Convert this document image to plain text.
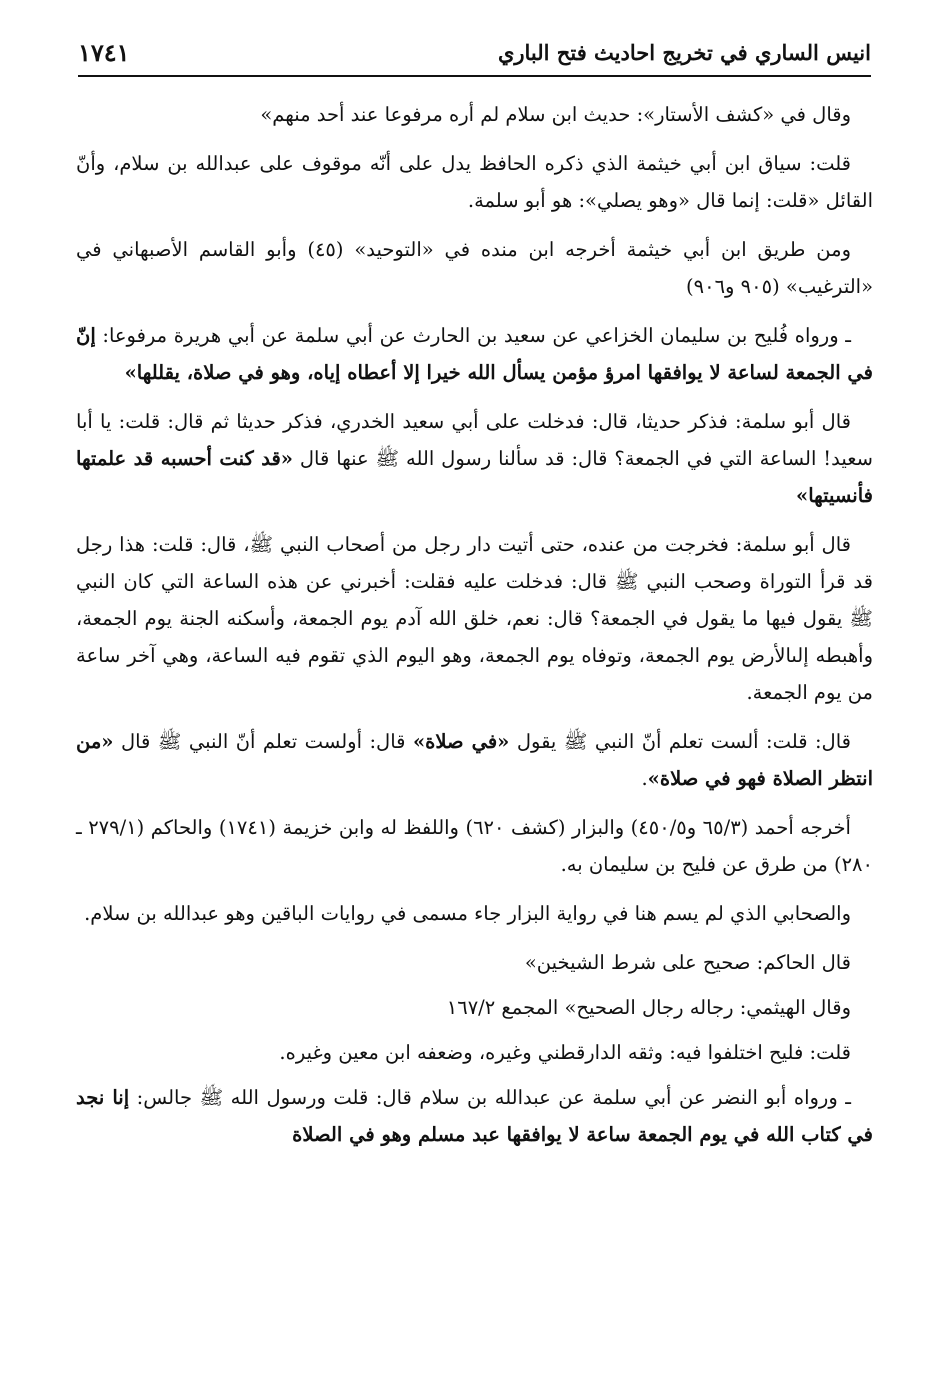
انيس الساري في تخريج احاديث فتح الباري
١٧٤١

وقال في «كشف الأستار»: حديث ابن سلام لم أره مرفوعا عند أحد منهم»

قلت: سياق ابن أبي خيثمة الذي ذكره الحافظ يدل على أنّه موقوف على عبدالله بن سلام، وأنّ القائل «قلت: إنما قال «وهو يصلي»: هو أبو سلمة.

ومن طريق ابن أبي خيثمة أخرجه ابن منده في «التوحيد» (٤٥) وأبو القاسم الأصبهاني في «الترغيب» (٩٠٥ و٩٠٦)

ـ ورواه فُليح بن سليمان الخزاعي عن سعيد بن الحارث عن أبي سلمة عن أبي هريرة مرفوعا: إنّ في الجمعة لساعة لا يوافقها امرؤ مؤمن يسأل الله خيرا إلا أعطاه إياه، وهو في صلاة، يقللها»

قال أبو سلمة: فذكر حديثا، قال: فدخلت على أبي سعيد الخدري، فذكر حديثا ثم قال: قلت: يا أبا سعيد! الساعة التي في الجمعة؟ قال: قد سألنا رسول الله ﷺ عنها قال «قد كنت أحسبه قد علمتها فأنسيتها»

قال أبو سلمة: فخرجت من عنده، حتى أتيت دار رجل من أصحاب النبي ﷺ، قال: قلت: هذا رجل قد قرأ التوراة وصحب النبي ﷺ قال: فدخلت عليه فقلت: أخبرني عن هذه الساعة التي كان النبي ﷺ يقول فيها ما يقول في الجمعة؟ قال: نعم، خلق الله آدم يوم الجمعة، وأسكنه الجنة يوم الجمعة، وأهبطه إلىالأرض يوم الجمعة، وتوفاه يوم الجمعة، وهو اليوم الذي تقوم فيه الساعة، وهي آخر ساعة من يوم الجمعة.

قال: قلت: ألست تعلم أنّ النبي ﷺ يقول «في صلاة» قال: أولست تعلم أنّ النبي ﷺ قال «من انتظر الصلاة فهو في صلاة».

أخرجه أحمد (٦٥/٣ و٤٥٠/٥) والبزار (كشف ٦٢٠) واللفظ له وابن خزيمة (١٧٤١) والحاكم (٢٧٩/١ ـ ٢٨٠) من طرق عن فليح بن سليمان به.

والصحابي الذي لم يسم هنا في رواية البزار جاء مسمى في روايات الباقين وهو عبدالله بن سلام.

قال الحاكم: صحيح على شرط الشيخين»

وقال الهيثمي: رجاله رجال الصحيح» المجمع ١٦٧/٢

قلت: فليح اختلفوا فيه: وثقه الدارقطني وغيره، وضعفه ابن معين وغيره.

ـ ورواه أبو النضر عن أبي سلمة عن عبدالله بن سلام قال: قلت ورسول الله ﷺ جالس: إنا نجد في كتاب الله في يوم الجمعة ساعة لا يوافقها عبد مسلم وهو في الصلاة
